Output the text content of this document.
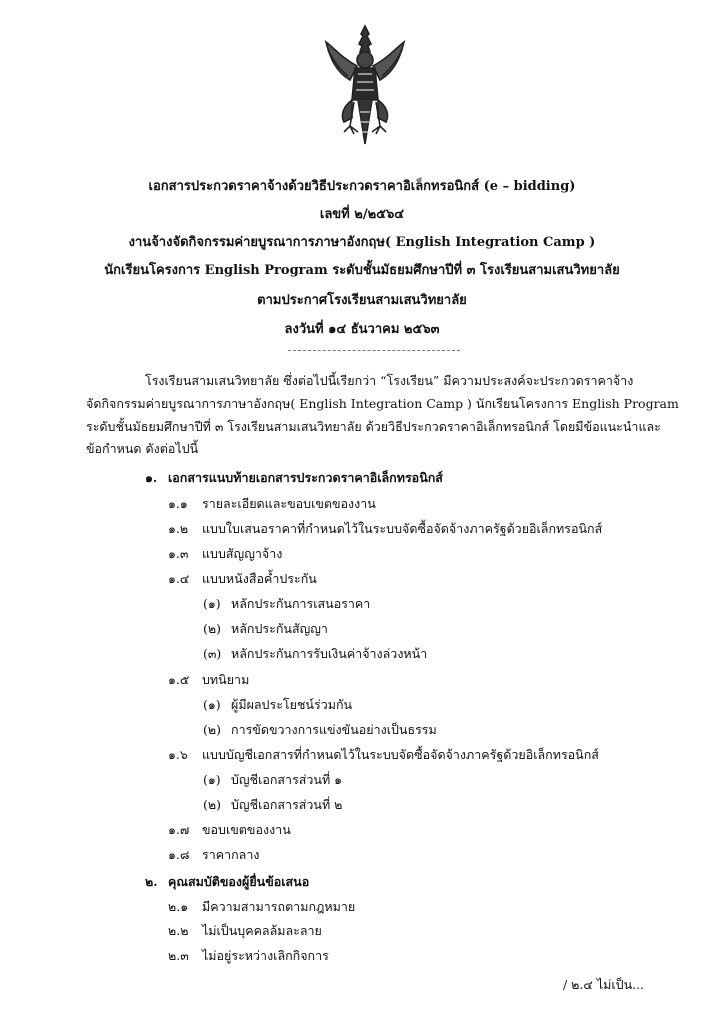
เอกสารประกวดราคาจ้างด้วยวิธีประกวดราคาอิเล็กทรอนิกส์ (e – bidding)
เลขที่ ๒/๒๕๖๔
งานจ้างจัดกิจกรรมค่ายบูรณาการภาษาอังกฤษ( English Integration Camp )
นักเรียนโครงการ English Program ระดับชั้นมัธยมศึกษาปีที่ ๓ โรงเรียนสามเสนวิทยาลัย
ตามประกาศโรงเรียนสามเสนวิทยาลัย
ลงวันที่ ๑๔ ธันวาคม ๒๕๖๓
โรงเรียนสามเสนวิทยาลัย ซึ่งต่อไปนี้เรียกว่า “โรงเรียน” มีความประสงค์จะประกวดราคาจ้าง
จัดกิจกรรมค่ายบูรณาการภาษาอังกฤษ( English Integration Camp ) นักเรียนโครงการ English Program
ระดับชั้นมัธยมศึกษาปีที่ ๓ โรงเรียนสามเสนวิทยาลัย ด้วยวิธีประกวดราคาอิเล็กทรอนิกส์ โดยมีข้อแนะนำและ
ข้อกำหนด ดังต่อไปนี้
๑. เอกสารแนบท้ายเอกสารประกวดราคาอิเล็กทรอนิกส์
๑.๑ รายละเอียดและขอบเขตของงาน
๑.๒ แบบใบเสนอราคาที่กำหนดไว้ในระบบจัดซื้อจัดจ้างภาครัฐด้วยอิเล็กทรอนิกส์
๑.๓ แบบสัญญาจ้าง
๑.๔ แบบหนังสือค้ำประกัน
(๑) หลักประกันการเสนอราคา
(๒) หลักประกันสัญญา
(๓) หลักประกันการรับเงินค่าจ้างล่วงหน้า
๑.๕ บทนิยาม
(๑) ผู้มีผลประโยชน์ร่วมกัน
(๒) การขัดขวางการแข่งขันอย่างเป็นธรรม
๑.๖ แบบบัญชีเอกสารที่กำหนดไว้ในระบบจัดซื้อจัดจ้างภาครัฐด้วยอิเล็กทรอนิกส์
(๑) บัญชีเอกสารส่วนที่ ๑
(๒) บัญชีเอกสารส่วนที่ ๒
๑.๗ ขอบเขตของงาน
๑.๘ ราคากลาง
๒. คุณสมบัติของผู้ยื่นข้อเสนอ
๒.๑ มีความสามารถตามกฎหมาย
๒.๒ ไม่เป็นบุคคลล้มละลาย
๒.๓ ไม่อยู่ระหว่างเลิกกิจการ
/ ๒.๔ ไม่เป็น...
